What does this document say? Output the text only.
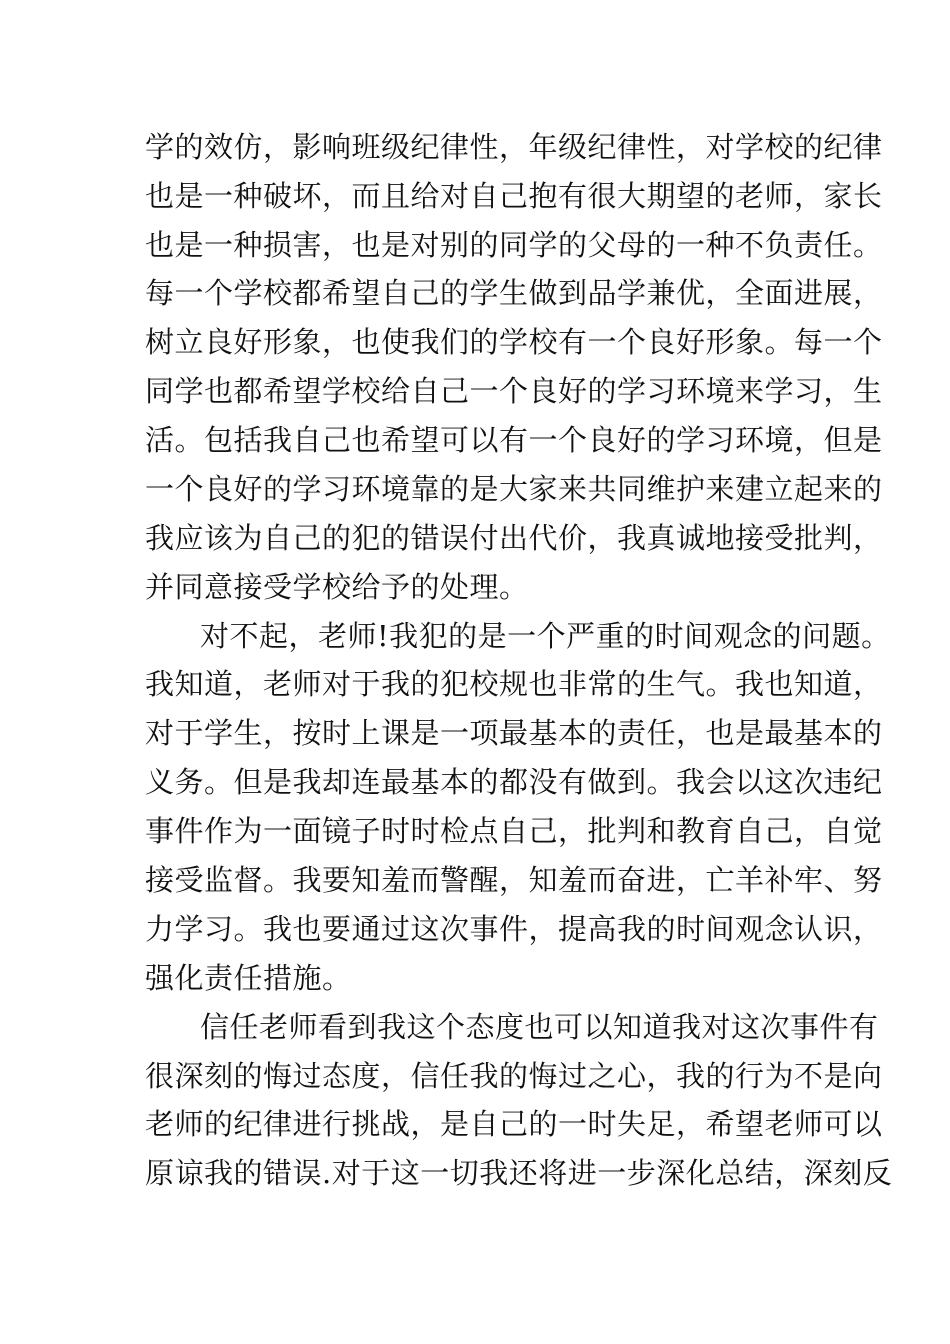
学的效仿，影响班级纪律性，年级纪律性，对学校的纪律
也是一种破坏，而且给对自己抱有很大期望的老师，家长
也是一种损害，也是对别的同学的父母的一种不负责任。
每一个学校都希望自己的学生做到品学兼优，全面进展，
树立良好形象，也使我们的学校有一个良好形象。每一个
同学也都希望学校给自己一个良好的学习环境来学习，生
活。包括我自己也希望可以有一个良好的学习环境，但是
一个良好的学习环境靠的是大家来共同维护来建立起来的
我应该为自己的犯的错误付出代价，我真诚地接受批判，
并同意接受学校给予的处理。
对不起，老师!我犯的是一个严重的时间观念的问题。
我知道，老师对于我的犯校规也非常的生气。我也知道，
对于学生，按时上课是一项最基本的责任，也是最基本的
义务。但是我却连最基本的都没有做到。我会以这次违纪
事件作为一面镜子时时检点自己，批判和教育自己，自觉
接受监督。我要知羞而警醒，知羞而奋进，亡羊补牢、努
力学习。我也要通过这次事件，提高我的时间观念认识，
强化责任措施。
信任老师看到我这个态度也可以知道我对这次事件有
很深刻的悔过态度，信任我的悔过之心，我的行为不是向
老师的纪律进行挑战，是自己的一时失足，希望老师可以
原谅我的错误.对于这一切我还将进一步深化总结，深刻反
